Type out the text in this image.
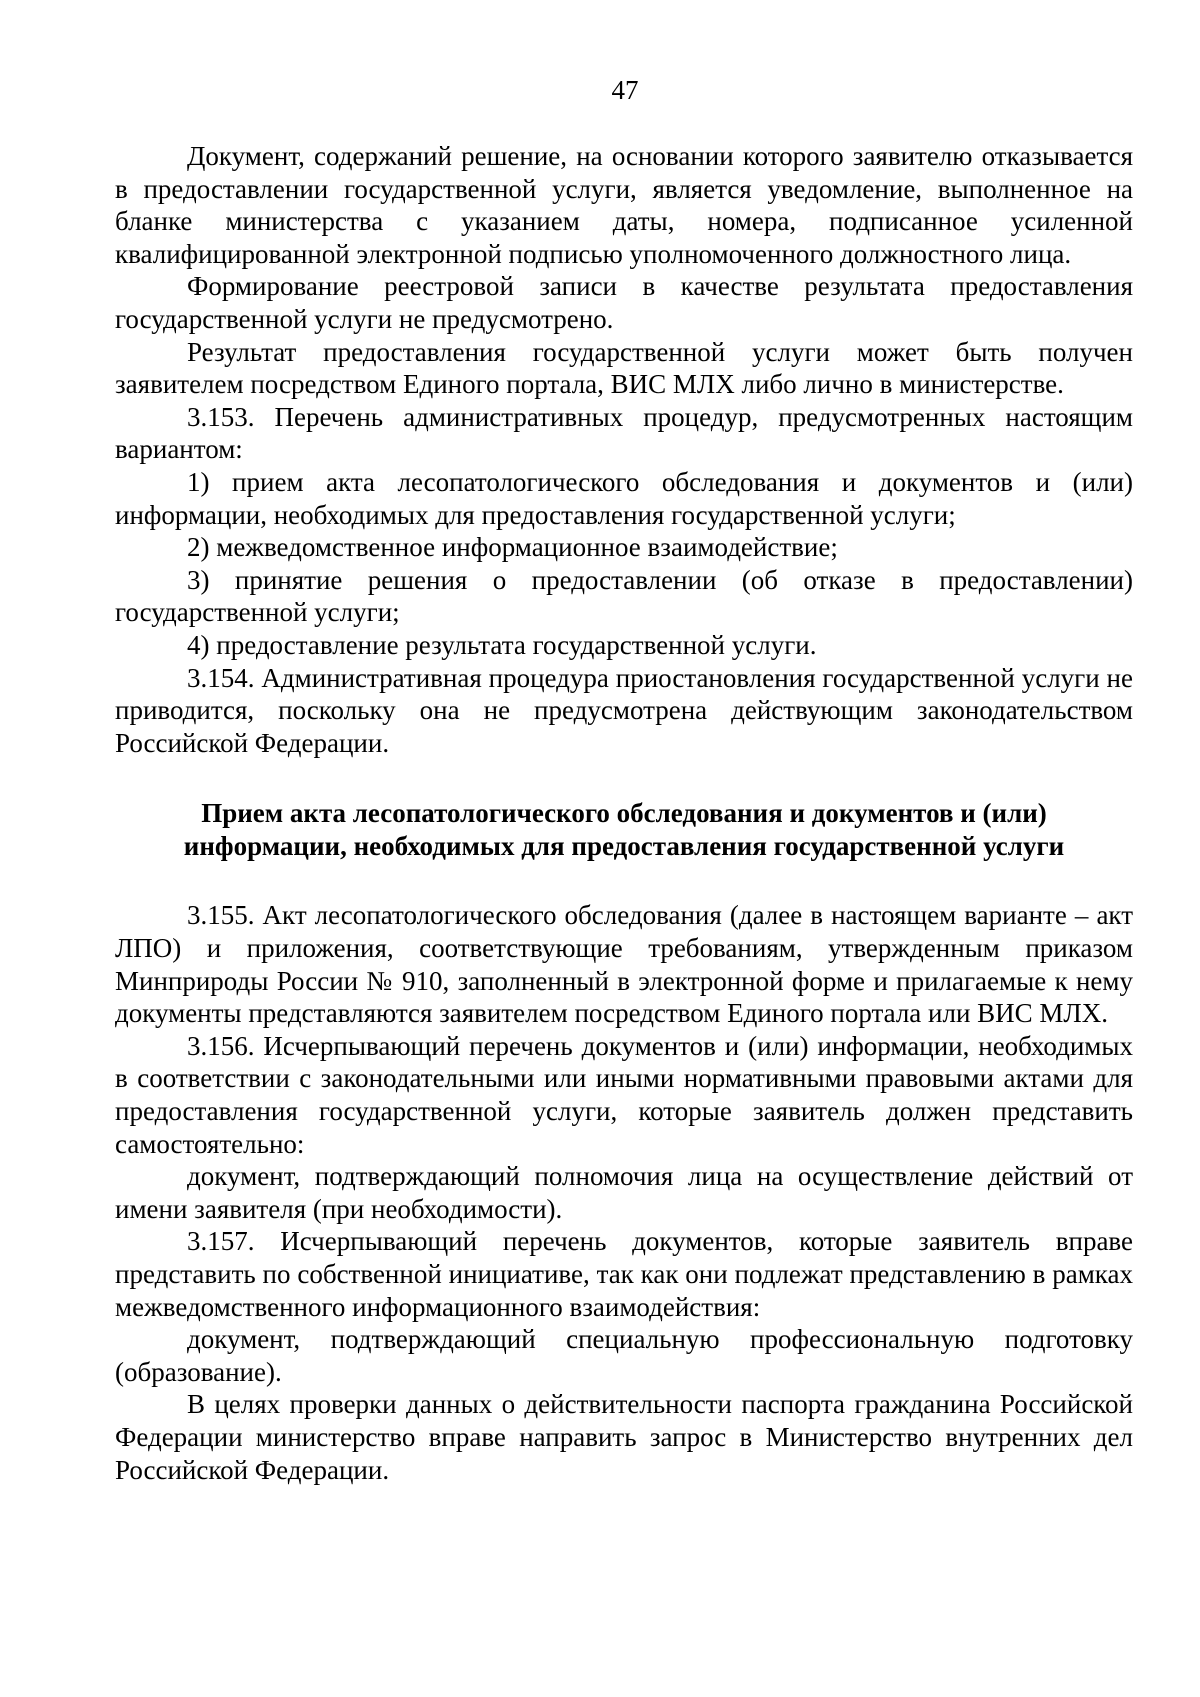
47

Документ, содержаний решение, на основании которого заявителю отказывается в предоставлении государственной услуги, является уведомление, выполненное на бланке министерства с указанием даты, номера, подписанное усиленной квалифицированной электронной подписью уполномоченного должностного лица.

Формирование реестровой записи в качестве результата предоставления государственной услуги не предусмотрено.

Результат предоставления государственной услуги может быть получен заявителем посредством Единого портала, ВИС МЛХ либо лично в министерстве.

3.153. Перечень административных процедур, предусмотренных настоящим вариантом:

1) прием акта лесопатологического обследования и документов и (или) информации, необходимых для предоставления государственной услуги;

2) межведомственное информационное взаимодействие;

3) принятие решения о предоставлении (об отказе в предоставлении) государственной услуги;

4) предоставление результата государственной услуги.

3.154. Административная процедура приостановления государственной услуги не приводится, поскольку она не предусмотрена действующим законодательством Российской Федерации.

Прием акта лесопатологического обследования и документов и (или)
информации, необходимых для предоставления государственной услуги

3.155. Акт лесопатологического обследования (далее в настоящем варианте – акт ЛПО) и приложения, соответствующие требованиям, утвержденным приказом Минприроды России № 910, заполненный в электронной форме и прилагаемые к нему документы представляются заявителем посредством Единого портала или ВИС МЛХ.

3.156. Исчерпывающий перечень документов и (или) информации, необходимых в соответствии с законодательными или иными нормативными правовыми актами для предоставления государственной услуги, которые заявитель должен представить самостоятельно:

документ, подтверждающий полномочия лица на осуществление действий от имени заявителя (при необходимости).

3.157. Исчерпывающий перечень документов, которые заявитель вправе представить по собственной инициативе, так как они подлежат представлению в рамках межведомственного информационного взаимодействия:

документ, подтверждающий специальную профессиональную подготовку (образование).

В целях проверки данных о действительности паспорта гражданина Российской Федерации министерство вправе направить запрос в Министерство внутренних дел Российской Федерации.
